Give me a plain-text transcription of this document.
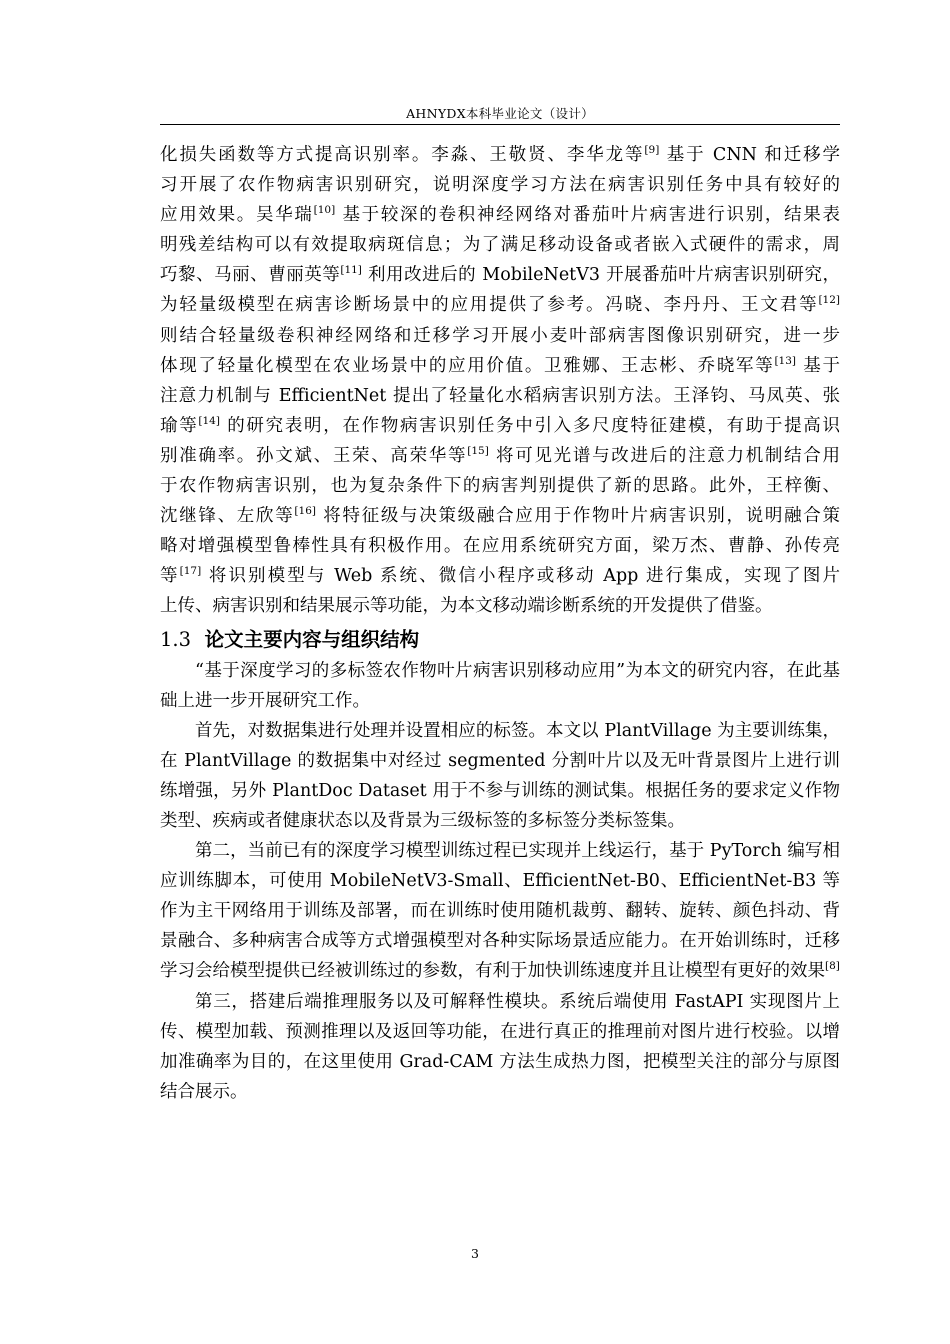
AHNYDX本科毕业论文（设计）

化损失函数等方式提高识别率。李淼、王敬贤、李华龙等[9] 基于 CNN 和迁移学

习开展了农作物病害识别研究，说明深度学习方法在病害识别任务中具有较好的

应用效果。吴华瑞[10] 基于较深的卷积神经网络对番茄叶片病害进行识别，结果表

明残差结构可以有效提取病斑信息；为了满足移动设备或者嵌入式硬件的需求，周

巧黎、马丽、曹丽英等[11] 利用改进后的 MobileNetV3 开展番茄叶片病害识别研究，

为轻量级模型在病害诊断场景中的应用提供了参考。冯晓、李丹丹、王文君等[12]

则结合轻量级卷积神经网络和迁移学习开展小麦叶部病害图像识别研究，进一步

体现了轻量化模型在农业场景中的应用价值。卫雅娜、王志彬、乔晓军等[13] 基于

注意力机制与 EfficientNet 提出了轻量化水稻病害识别方法。王泽钧、马凤英、张

瑜等[14] 的研究表明，在作物病害识别任务中引入多尺度特征建模，有助于提高识

别准确率。孙文斌、王荣、高荣华等[15] 将可见光谱与改进后的注意力机制结合用

于农作物病害识别，也为复杂条件下的病害判别提供了新的思路。此外，王梓衡、

沈继锋、左欣等[16] 将特征级与决策级融合应用于作物叶片病害识别，说明融合策

略对增强模型鲁棒性具有积极作用。在应用系统研究方面，梁万杰、曹静、孙传亮

等[17] 将识别模型与 Web 系统、微信小程序或移动 App 进行集成，实现了图片

上传、病害识别和结果展示等功能，为本文移动端诊断系统的开发提供了借鉴。

1.3 论文主要内容与组织结构

“基于深度学习的多标签农作物叶片病害识别移动应用”为本文的研究内容，在此基础上进一步开展研究工作。

首先，对数据集进行处理并设置相应的标签。本文以 PlantVillage 为主要训练集，在 PlantVillage 的数据集中对经过 segmented 分割叶片以及无叶背景图片上进行训练增强，另外 PlantDoc Dataset 用于不参与训练的测试集。根据任务的要求定义作物类型、疾病或者健康状态以及背景为三级标签的多标签分类标签集。

第二，当前已有的深度学习模型训练过程已实现并上线运行，基于 PyTorch 编写相应训练脚本，可使用 MobileNetV3-Small、EfficientNet-B0、EfficientNet-B3 等作为主干网络用于训练及部署，而在训练时使用随机裁剪、翻转、旋转、颜色抖动、背景融合、多种病害合成等方式增强模型对各种实际场景适应能力。在开始训练时，迁移学习会给模型提供已经被训练过的参数，有利于加快训练速度并且让模型有更好的效果[8]

第三，搭建后端推理服务以及可解释性模块。系统后端使用 FastAPI 实现图片上传、模型加载、预测推理以及返回等功能，在进行真正的推理前对图片进行校验。以增加准确率为目的，在这里使用 Grad-CAM 方法生成热力图，把模型关注的部分与原图结合展示。

3
